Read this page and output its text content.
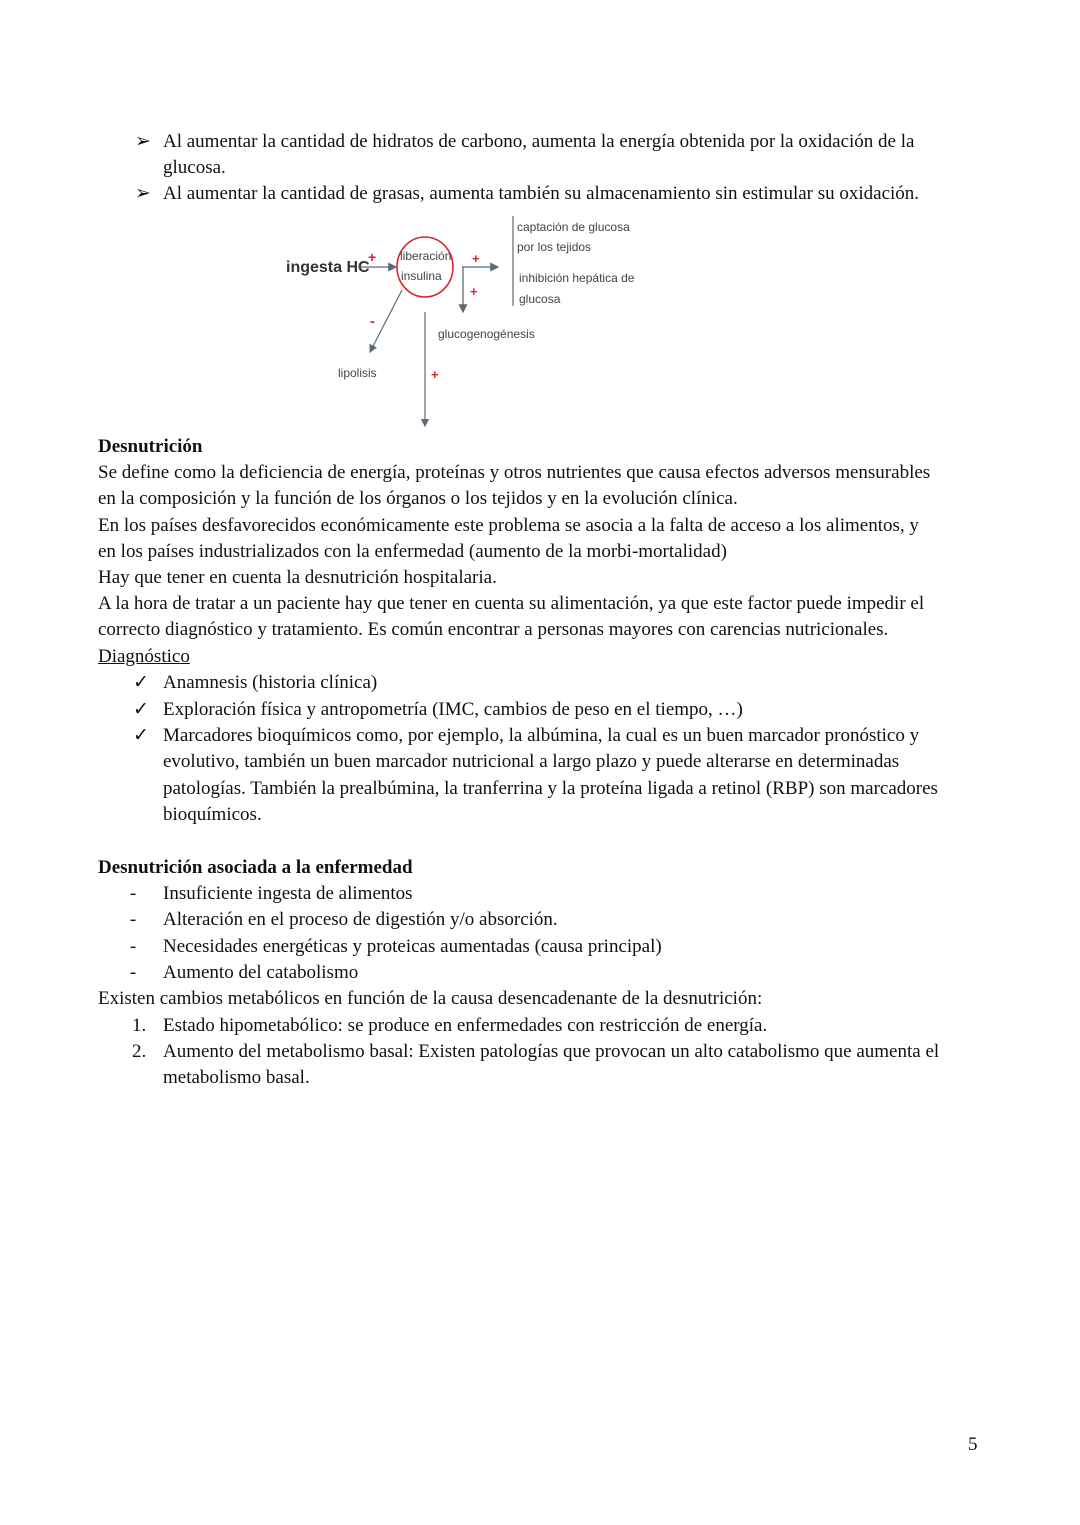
➢ Al aumentar la cantidad de hidratos de carbono, aumenta la energía obtenida por la oxidación de la
glucosa.
➢ Al aumentar la cantidad de grasas, aumenta también su almacenamiento sin estimular su oxidación.
ingesta HC
+ liberación
insulina
+
+
captación de glucosa
por los tejidos
inhibición hepática de
glucosa
glucogenogénesis
+
-
lipolisis
Desnutrición
Se define como la deficiencia de energía, proteínas y otros nutrientes que causa efectos adversos mensurables
en la composición y la función de los órganos o los tejidos y en la evolución clínica.
En los países desfavorecidos económicamente este problema se asocia a la falta de acceso a los alimentos, y
en los países industrializados con la enfermedad (aumento de la morbi-mortalidad)
Hay que tener en cuenta la desnutrición hospitalaria.
A la hora de tratar a un paciente hay que tener en cuenta su alimentación, ya que este factor puede impedir el
correcto diagnóstico y tratamiento. Es común encontrar a personas mayores con carencias nutricionales.
Diagnóstico
✓ Anamnesis (historia clínica)
✓ Exploración física y antropometría (IMC, cambios de peso en el tiempo, …)
✓ Marcadores bioquímicos como, por ejemplo, la albúmina, la cual es un buen marcador pronóstico y
evolutivo, también un buen marcador nutricional a largo plazo y puede alterarse en determinadas
patologías. También la prealbúmina, la tranferrina y la proteína ligada a retinol (RBP) son marcadores
bioquímicos.
Desnutrición asociada a la enfermedad
-	Insuficiente ingesta de alimentos
-	Alteración en el proceso de digestión y/o absorción.
-	Necesidades energéticas y proteicas aumentadas (causa principal)
-	Aumento del catabolismo
Existen cambios metabólicos en función de la causa desencadenante de la desnutrición:
1. Estado hipometabólico: se produce en enfermedades con restricción de energía.
2. Aumento del metabolismo basal: Existen patologías que provocan un alto catabolismo que aumenta el
metabolismo basal.
5
